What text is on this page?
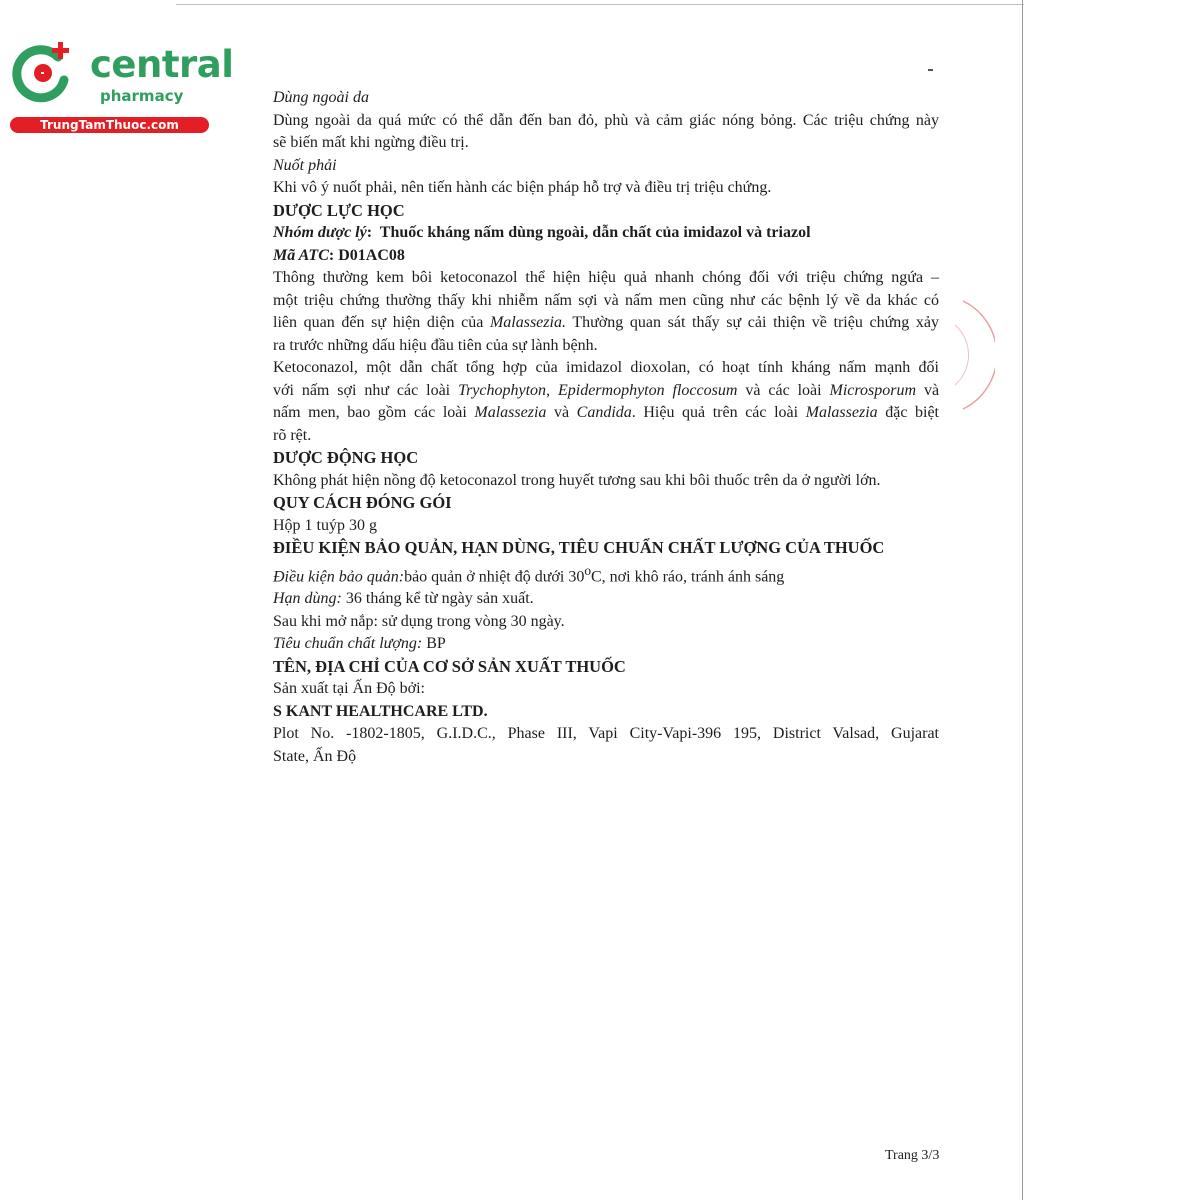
central
pharmacy
TrungTamThuoc.com
Dùng ngoài da
Dùng ngoài da quá mức có thể dẫn đến ban đỏ, phù và cảm giác nóng bỏng. Các triệu chứng này
sẽ biến mất khi ngừng điều trị.
Nuốt phải
Khi vô ý nuốt phải, nên tiến hành các biện pháp hỗ trợ và điều trị triệu chứng.
DƯỢC LỰC HỌC
Nhóm dược lý:  Thuốc kháng nấm dùng ngoài, dẫn chất của imidazol và triazol
Mã ATC: D01AC08
Thông thường kem bôi ketoconazol thể hiện hiệu quả nhanh chóng đối với triệu chứng ngứa –
một triệu chứng thường thấy khi nhiễm nấm sợi và nấm men cũng như các bệnh lý về da khác có
liên quan đến sự hiện diện của Malassezia. Thường quan sát thấy sự cải thiện về triệu chứng xảy
ra trước những dấu hiệu đầu tiên của sự lành bệnh.
Ketoconazol, một dẫn chất tổng hợp của imidazol dioxolan, có hoạt tính kháng nấm mạnh đối
với nấm sợi như các loài Trychophyton, Epidermophyton floccosum và các loài Microsporum và
nấm men, bao gồm các loài Malassezia và Candida. Hiệu quả trên các loài Malassezia đặc biệt
rõ rệt.
DƯỢC ĐỘNG HỌC
Không phát hiện nồng độ ketoconazol trong huyết tương sau khi bôi thuốc trên da ở người lớn.
QUY CÁCH ĐÓNG GÓI
Hộp 1 tuýp 30 g
ĐIỀU KIỆN BẢO QUẢN, HẠN DÙNG, TIÊU CHUẨN CHẤT LƯỢNG CỦA THUỐC
Điều kiện bảo quản:bảo quản ở nhiệt độ dưới 30$^o$C, nơi khô ráo, tránh ánh sáng
Hạn dùng: 36 tháng kể từ ngày sản xuất.
Sau khi mở nắp: sử dụng trong vòng 30 ngày.
Tiêu chuẩn chất lượng: BP
TÊN, ĐỊA CHỈ CỦA CƠ SỞ SẢN XUẤT THUỐC
Sản xuất tại Ấn Độ bởi:
S KANT HEALTHCARE LTD.
Plot No. -1802-1805, G.I.D.C., Phase III, Vapi City-Vapi-396 195, District Valsad, Gujarat
State, Ấn Độ
Trang 3/3
